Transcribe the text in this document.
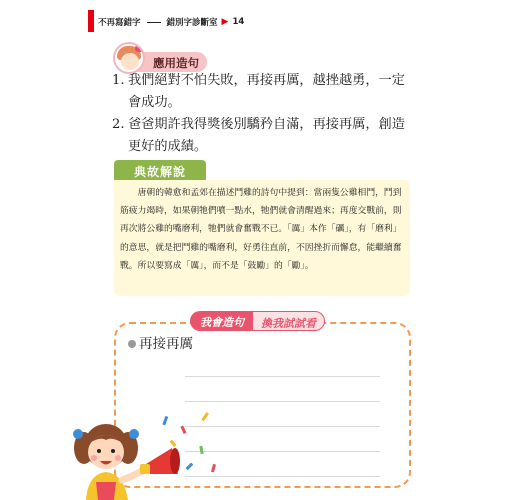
不再寫錯字	錯別字診斷室 ▶ 14
應用造句
1. 我們絕對不怕失敗，再接再厲，越挫越勇，一定會成功。
2. 爸爸期許我得獎後別驕矜自滿，再接再厲，創造更好的成績。
典故解說
　　唐朝的韓愈和孟郊在描述鬥雞的詩句中提到：當兩隻公雞相鬥，鬥到筋疲力竭時，如果朝牠們噴一點水，牠們就會清醒過來；再度交戰前，則再次將公雞的嘴磨利，牠們就會奮戰不已。「厲」本作「礪」，有「磨利」的意思，就是把鬥雞的嘴磨利，好勇往直前，不因挫折而懈怠，能繼續奮戰。所以要寫成「厲」，而不是「鼓勵」的「勵」。
我會造句	換我試試看
再接再厲
